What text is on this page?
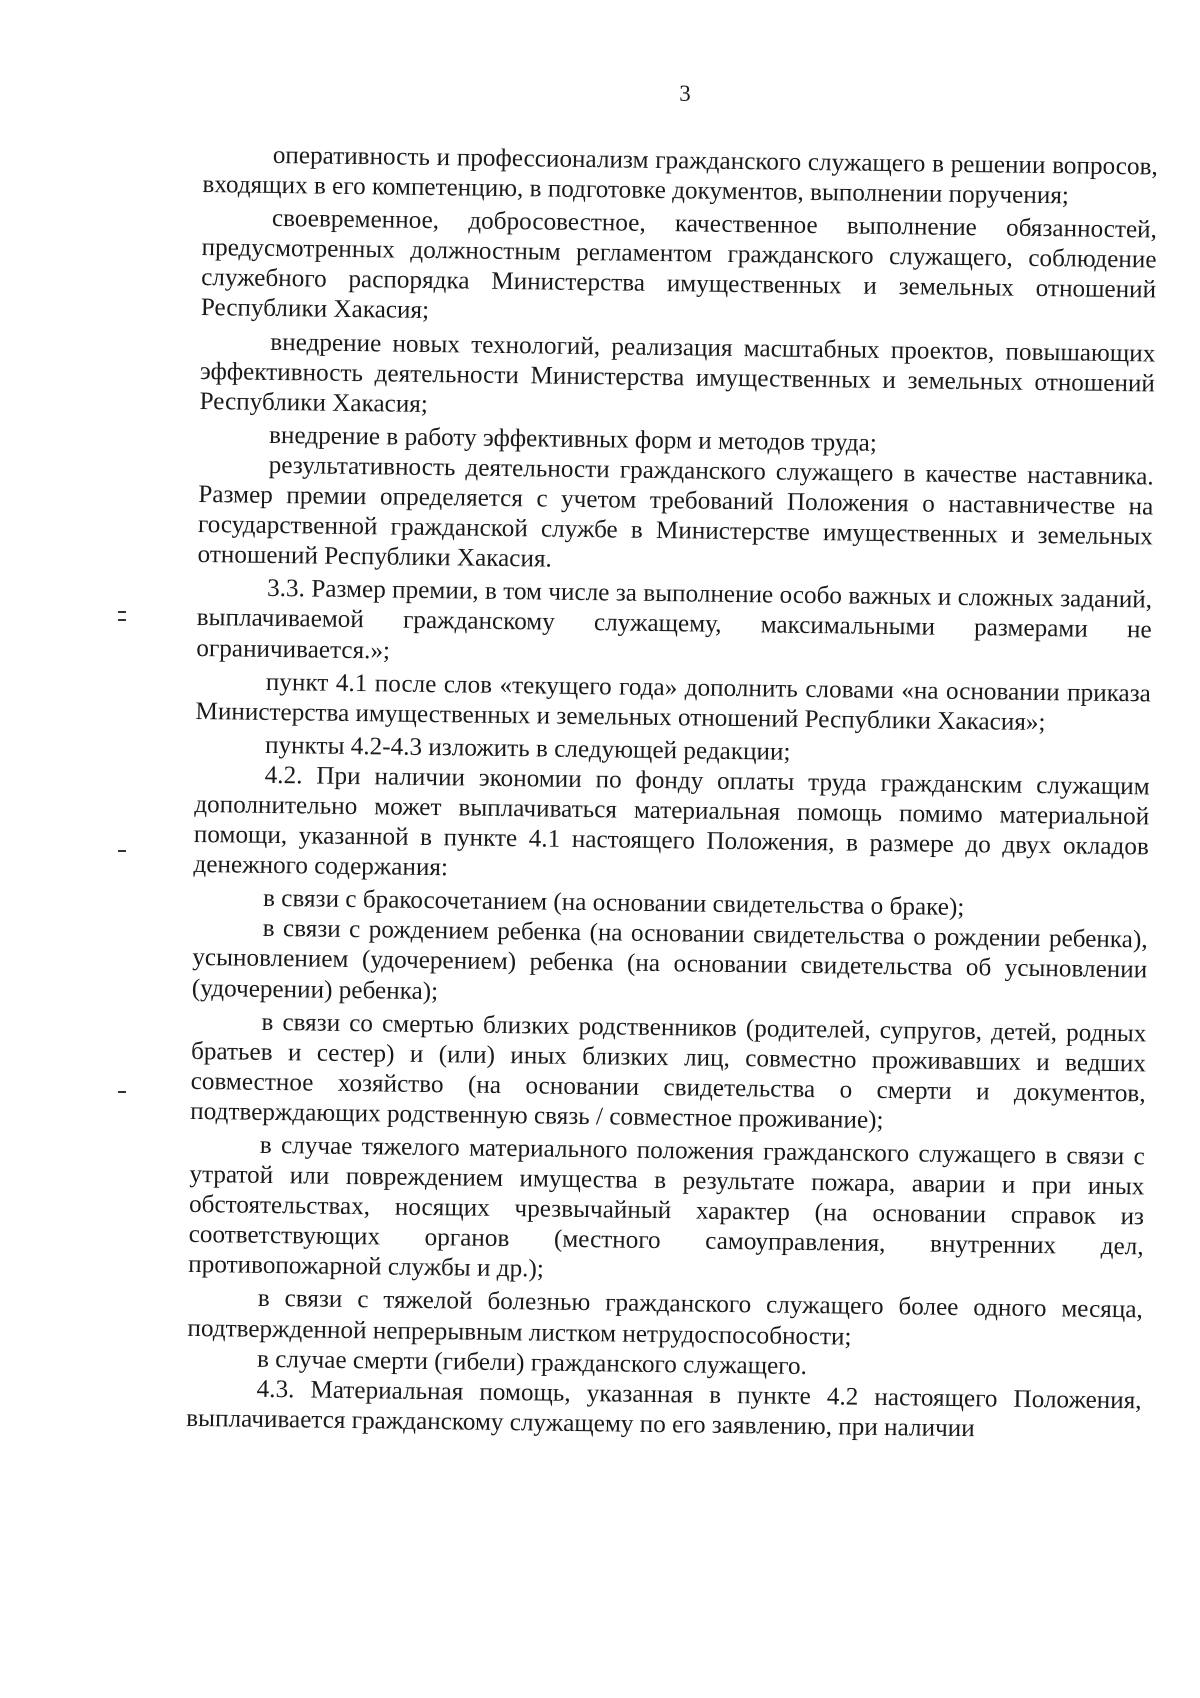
3

оперативность и профессионализм гражданского служащего в решении вопросов, входящих в его компетенцию, в подготовке документов, выполнении поручения;

своевременное, добросовестное, качественное выполнение обязанностей, предусмотренных должностным регламентом гражданского служащего, соблюдение служебного распорядка Министерства имущественных и земельных отношений Республики Хакасия;

внедрение новых технологий, реализация масштабных проектов, повышающих эффективность деятельности Министерства имущественных и земельных отношений Республики Хакасия;

внедрение в работу эффективных форм и методов труда;

результативность деятельности гражданского служащего в качестве наставника. Размер премии определяется с учетом требований Положения о наставничестве на государственной гражданской службе в Министерстве имущественных и земельных отношений Республики Хакасия.

3.3. Размер премии, в том числе за выполнение особо важных и сложных заданий, выплачиваемой гражданскому служащему, максимальными размерами не ограничивается.»;

пункт 4.1 после слов «текущего года» дополнить словами «на основании приказа Министерства имущественных и земельных отношений Республики Хакасия»;

пункты 4.2-4.3 изложить в следующей редакции;

4.2. При наличии экономии по фонду оплаты труда гражданским служащим дополнительно может выплачиваться материальная помощь помимо материальной помощи, указанной в пункте 4.1 настоящего Положения, в размере до двух окладов денежного содержания:

в связи с бракосочетанием (на основании свидетельства о браке);

в связи с рождением ребенка (на основании свидетельства о рождении ребенка), усыновлением (удочерением) ребенка (на основании свидетельства об усыновлении (удочерении) ребенка);

в связи со смертью близких родственников (родителей, супругов, детей, родных братьев и сестер) и (или) иных близких лиц, совместно проживавших и ведших совместное хозяйство (на основании свидетельства о смерти и документов, подтверждающих родственную связь / совместное проживание);

в случае тяжелого материального положения гражданского служащего в связи с утратой или повреждением имущества в результате пожара, аварии и при иных обстоятельствах, носящих чрезвычайный характер (на основании справок из соответствующих органов (местного самоуправления, внутренних дел, противопожарной службы и др.);

в связи с тяжелой болезнью гражданского служащего более одного месяца, подтвержденной непрерывным листком нетрудоспособности;

в случае смерти (гибели) гражданского служащего.

4.3. Материальная помощь, указанная в пункте 4.2 настоящего Положения, выплачивается гражданскому служащему по его заявлению, при наличии
